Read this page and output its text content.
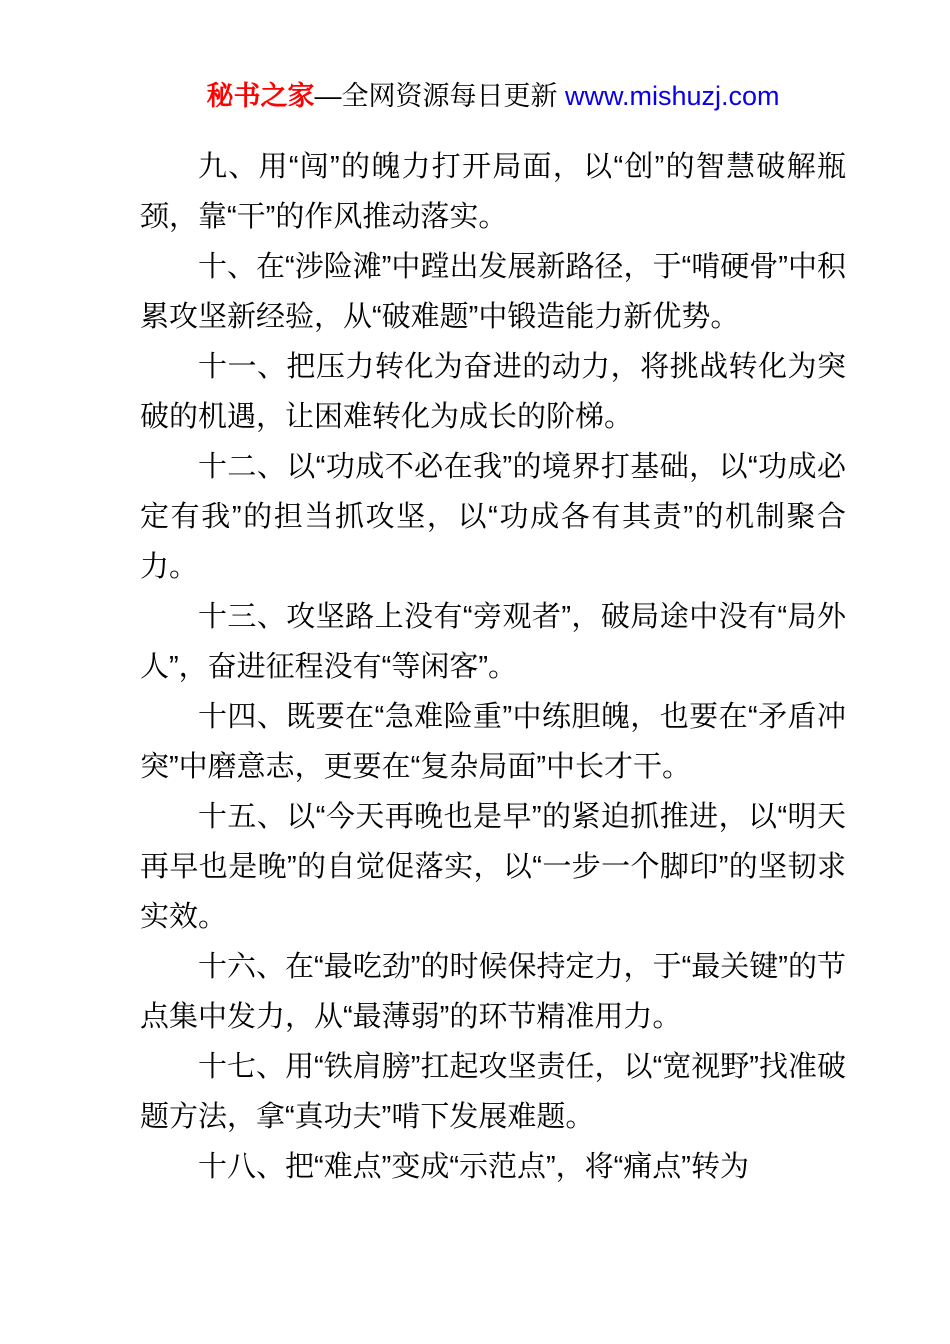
秘书之家—全网资源每日更新 www.mishuzj.com

九、用“闯”的魄力打开局面，以“创”的智慧破解瓶颈，靠“干”的作风推动落实。

十、在“涉险滩”中蹚出发展新路径，于“啃硬骨”中积累攻坚新经验，从“破难题”中锻造能力新优势。

十一、把压力转化为奋进的动力，将挑战转化为突破的机遇，让困难转化为成长的阶梯。

十二、以“功成不必在我”的境界打基础，以“功成必定有我”的担当抓攻坚，以“功成各有其责”的机制聚合力。

十三、攻坚路上没有“旁观者”，破局途中没有“局外人”，奋进征程没有“等闲客”。

十四、既要在“急难险重”中练胆魄，也要在“矛盾冲突”中磨意志，更要在“复杂局面”中长才干。

十五、以“今天再晚也是早”的紧迫抓推进，以“明天再早也是晚”的自觉促落实，以“一步一个脚印”的坚韧求实效。

十六、在“最吃劲”的时候保持定力，于“最关键”的节点集中发力，从“最薄弱”的环节精准用力。

十七、用“铁肩膀”扛起攻坚责任，以“宽视野”找准破题方法，拿“真功夫”啃下发展难题。

十八、把“难点”变成“示范点”，将“痛点”转为
